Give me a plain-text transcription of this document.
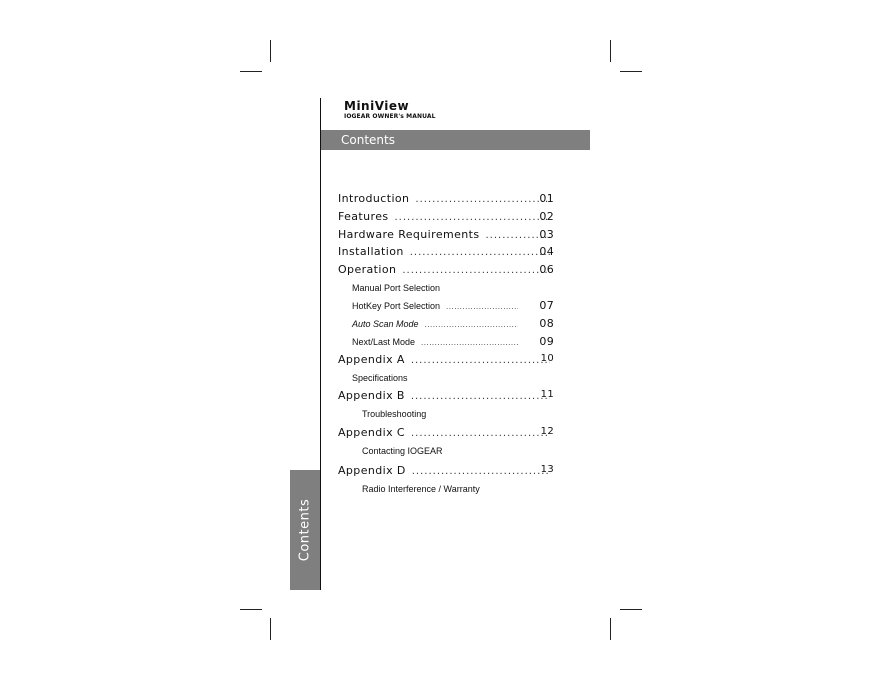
MiniView
IOGEAR OWNER's MANUAL
Contents
Contents
Introduction .....	01
Features .....	02
Hardware Requirements .....	03
Installation .....	04
Operation .....	06
Manual Port Selection
HotKey Port Selection .....	07
Auto Scan Mode .....	08
Next/Last Mode .....	09
Appendix A .....	10
Specifications
Appendix B .....	11
Troubleshooting
Appendix C .....	12
Contacting IOGEAR
Appendix D .....	13
Radio Interference / Warranty
